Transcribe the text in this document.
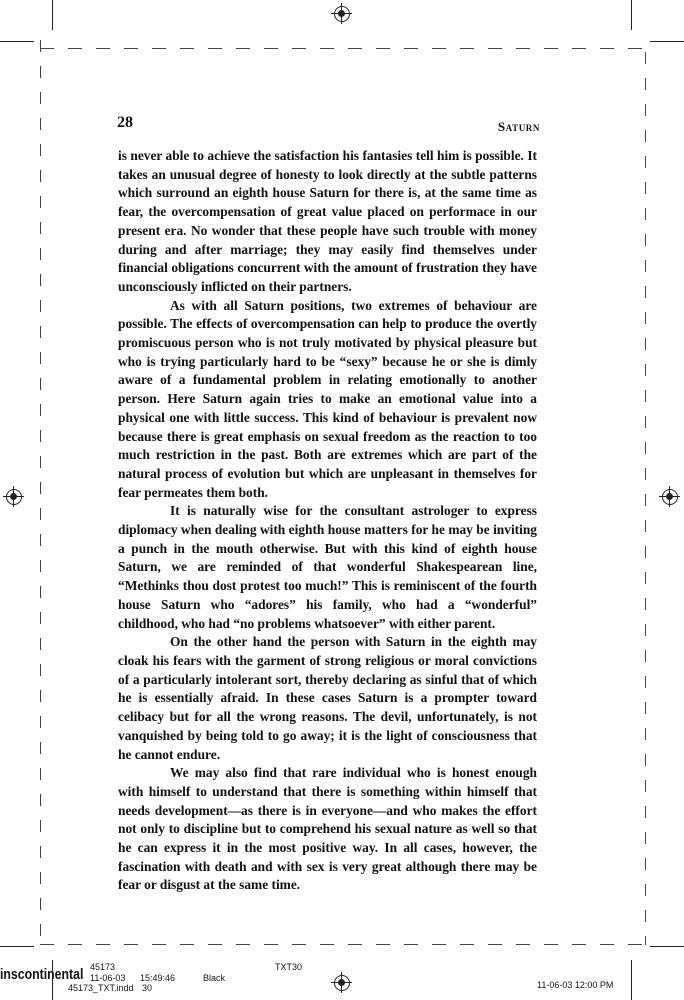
28	Saturn

is never able to achieve the satisfaction his fantasies tell him is possible. It takes an unusual degree of honesty to look directly at the subtle patterns which surround an eighth house Saturn for there is, at the same time as fear, the overcompensation of great value placed on performace in our present era. No wonder that these people have such trouble with money during and after marriage; they may easily find themselves under financial obligations concurrent with the amount of frustration they have unconsciously inflicted on their partners.

As with all Saturn positions, two extremes of behaviour are possible. The effects of overcompensation can help to produce the overtly promiscuous person who is not truly motivated by physical pleasure but who is trying particularly hard to be “sexy” because he or she is dimly aware of a fundamental problem in relating emotionally to another person. Here Saturn again tries to make an emotional value into a physical one with little success. This kind of behaviour is prevalent now because there is great emphasis on sexual freedom as the reaction to too much restriction in the past. Both are extremes which are part of the natural process of evolution but which are unpleasant in themselves for fear permeates them both.

It is naturally wise for the consultant astrologer to express diplomacy when dealing with eighth house matters for he may be inviting a punch in the mouth otherwise. But with this kind of eighth house Saturn, we are reminded of that wonderful Shakespearean line, “Methinks thou dost protest too much!” This is reminiscent of the fourth house Saturn who “adores” his family, who had a “wonderful” childhood, who had “no problems whatsoever” with either parent.

On the other hand the person with Saturn in the eighth may cloak his fears with the garment of strong religious or moral convictions of a particularly intolerant sort, thereby declaring as sinful that of which he is essentially afraid. In these cases Saturn is a prompter toward celibacy but for all the wrong reasons. The devil, unfortunately, is not vanquished by being told to go away; it is the light of consciousness that he cannot endure.

We may also find that rare individual who is honest enough with himself to understand that there is something within himself that needs development—as there is in everyone—and who makes the effort not only to discipline but to comprehend his sexual nature as well so that he can express it in the most positive way. In all cases, however, the fascination with death and with sex is very great although there may be fear or disgust at the same time.

45173
inscontinental 11-06-03
45173_TXT.indd 30
15:49:46	Black
TXT30
11-06-03 12:00 PM
